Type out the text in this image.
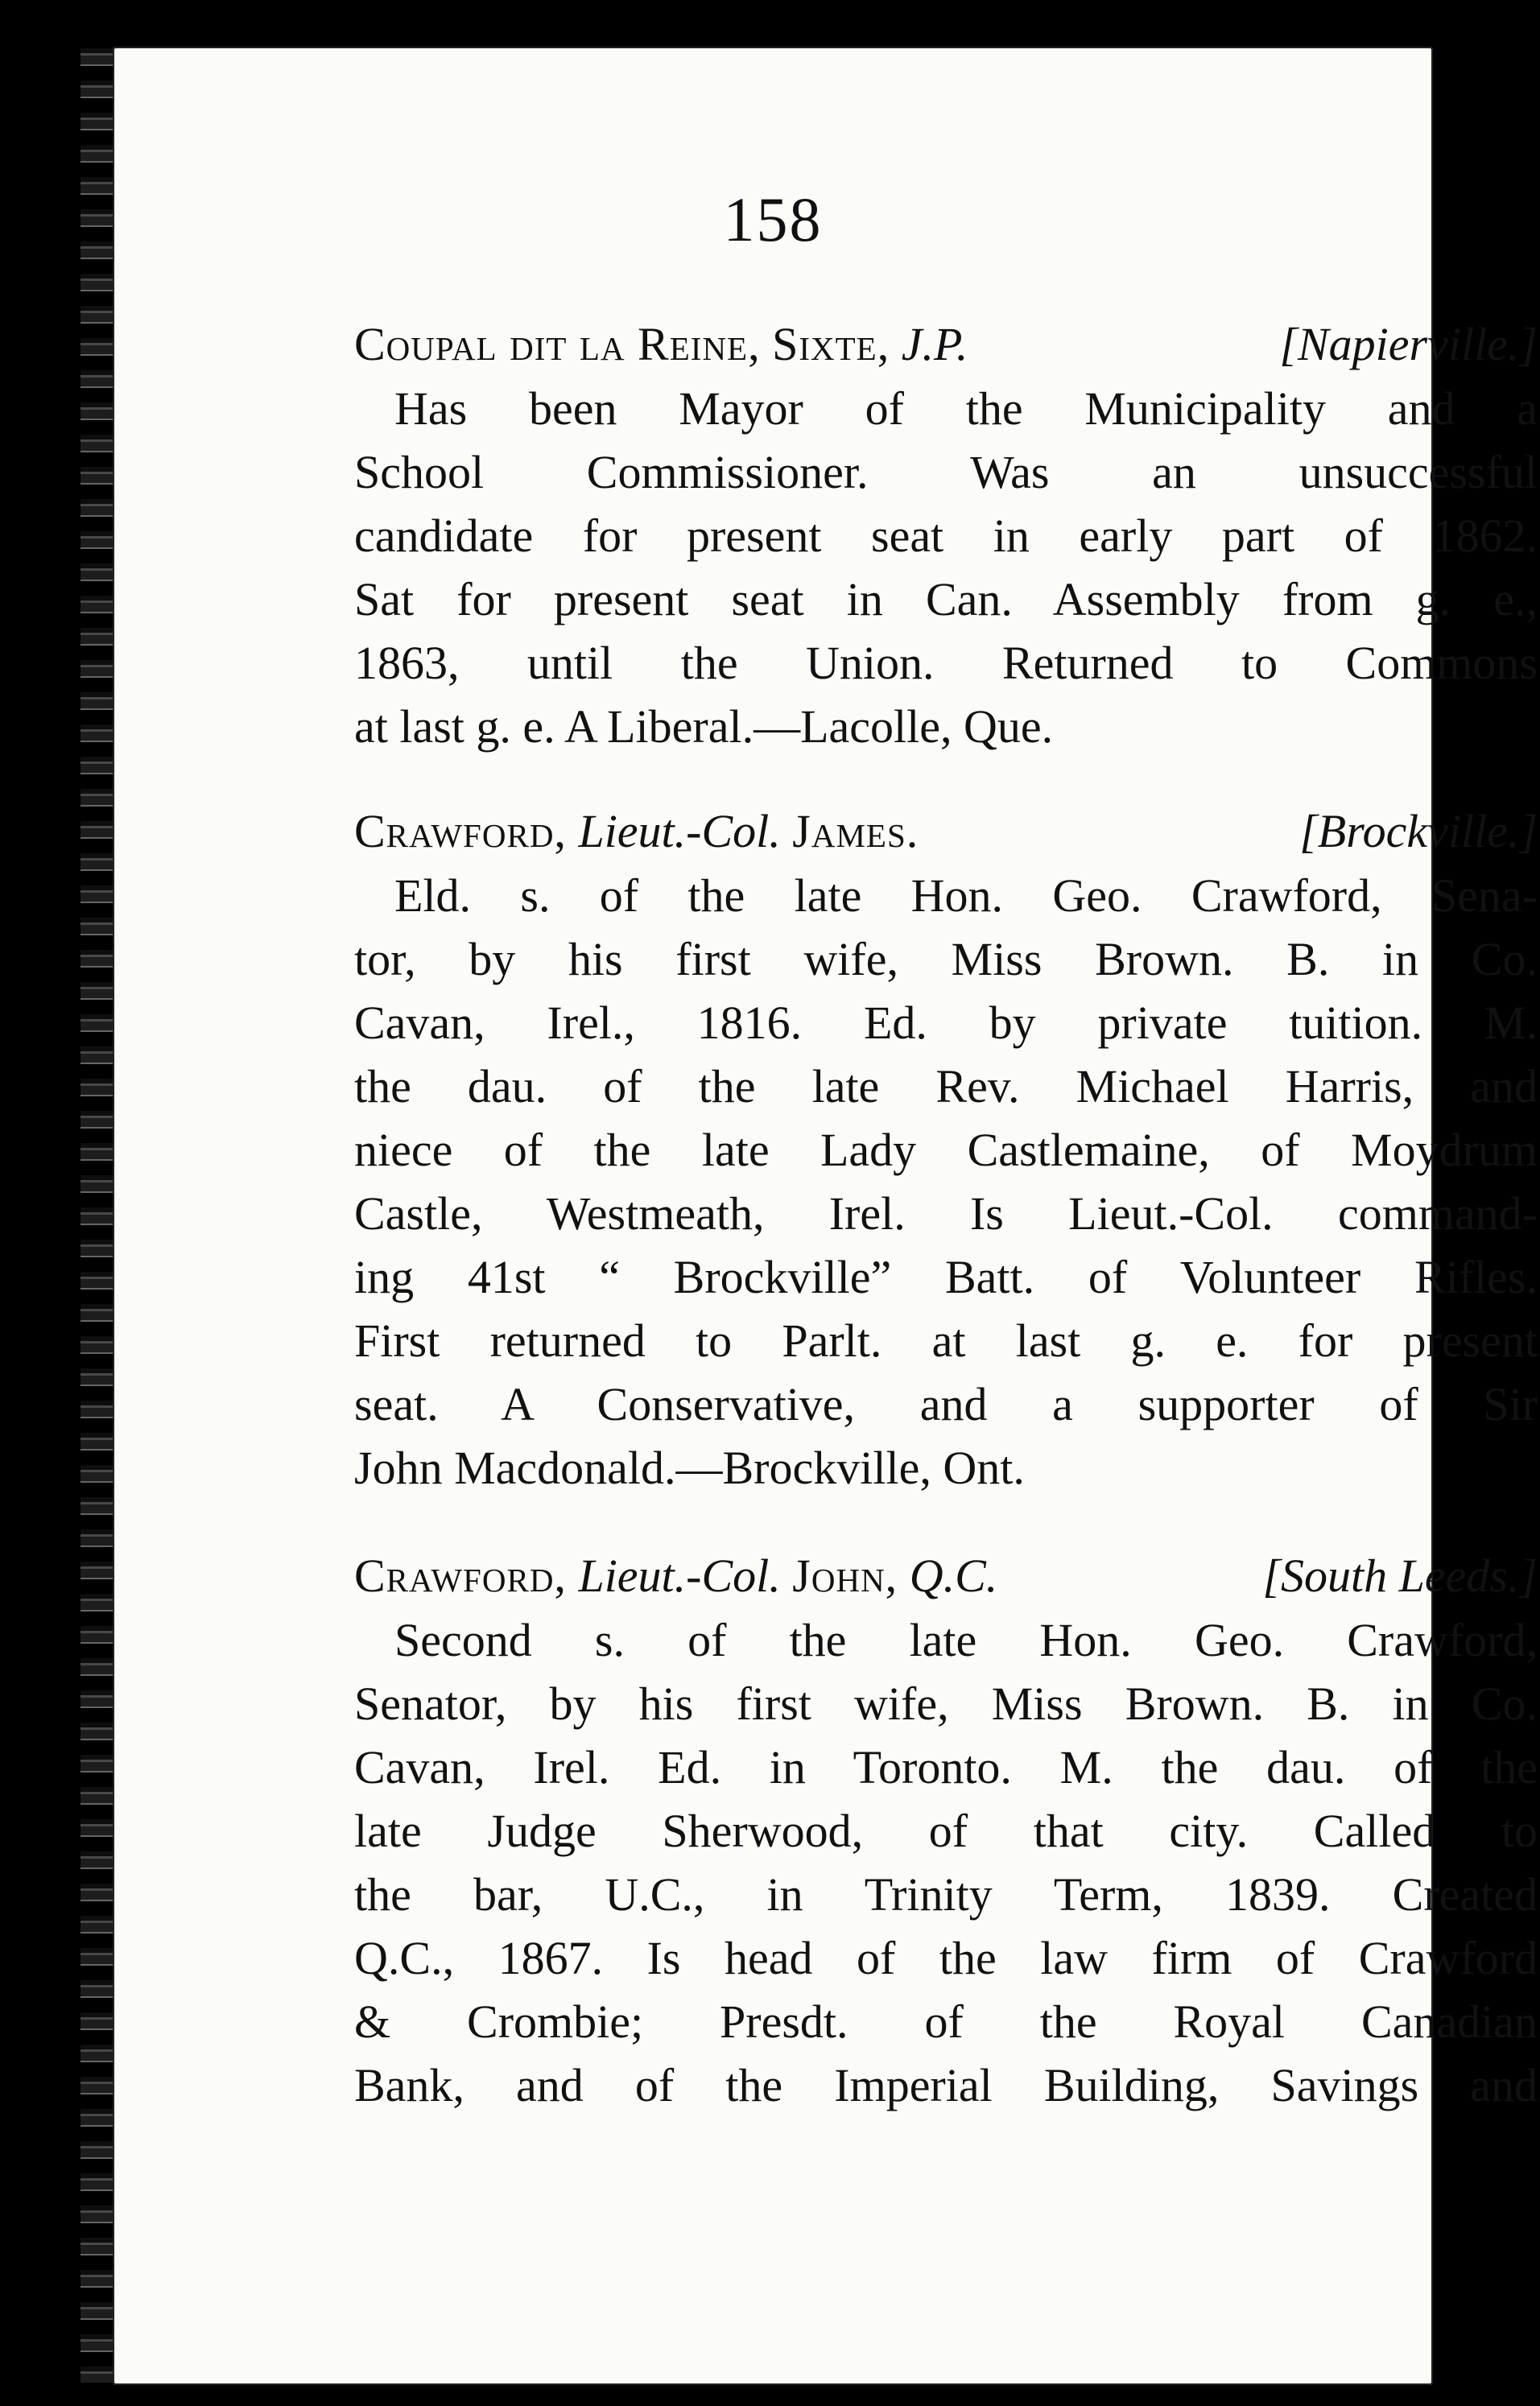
158
Coupal dit la Reine, Sixte, J.P.	[Napierville.]
Has been Mayor of the Municipality and a
School Commissioner. Was an unsuccessful
candidate for present seat in early part of 1862.
Sat for present seat in Can. Assembly from g. e.,
1863, until the Union. Returned to Commons
at last g. e. A Liberal.—Lacolle, Que.
Crawford, Lieut.-Col. James.	[Brockville.]
Eld. s. of the late Hon. Geo. Crawford, Sena-
tor, by his first wife, Miss Brown. B. in Co.
Cavan, Irel., 1816. Ed. by private tuition. M.
the dau. of the late Rev. Michael Harris, and
niece of the late Lady Castlemaine, of Moydrum
Castle, Westmeath, Irel. Is Lieut.-Col. command-
ing 41st “ Brockville” Batt. of Volunteer Rifles.
First returned to Parlt. at last g. e. for present
seat. A Conservative, and a supporter of Sir
John Macdonald.—Brockville, Ont.
Crawford, Lieut.-Col. John, Q.C.	[South Leeds.]
Second s. of the late Hon. Geo. Crawford,
Senator, by his first wife, Miss Brown. B. in Co.
Cavan, Irel. Ed. in Toronto. M. the dau. of the
late Judge Sherwood, of that city. Called to
the bar, U.C., in Trinity Term, 1839. Created
Q.C., 1867. Is head of the law firm of Crawford
& Crombie; Presdt. of the Royal Canadian
Bank, and of the Imperial Building, Savings and
